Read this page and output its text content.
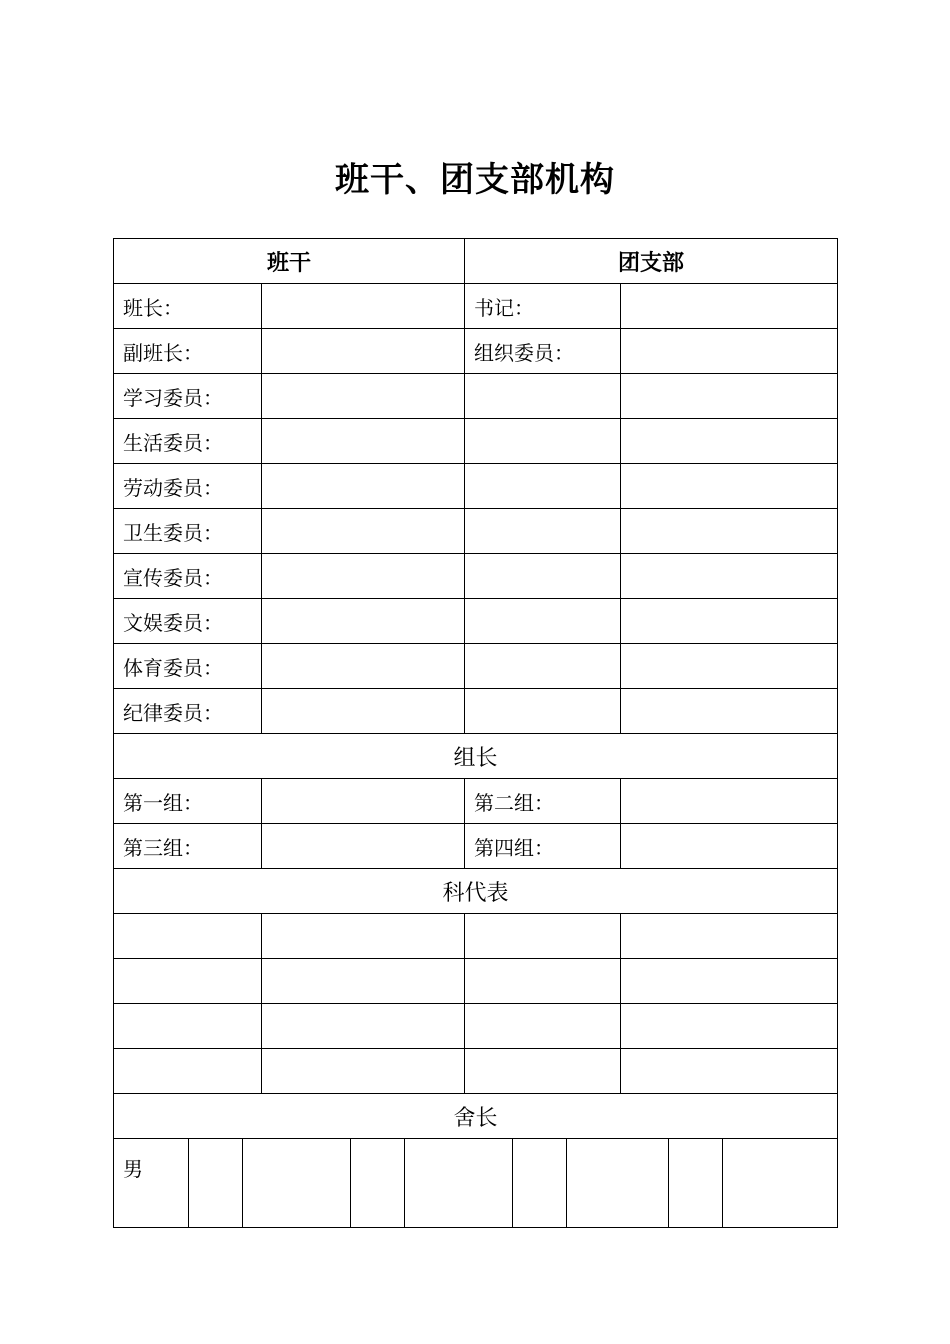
班干、团支部机构
班干						团支部					
班长：						书记：					
副班长：						组织委员：					
学习委员：											
生活委员：											
劳动委员：											
卫生委员：											
宣传委员：											
文娱委员：											
体育委员：											
纪律委员：											
组长											
第一组：						第二组：					
第三组：						第四组：					
科代表											

舍长											
男											
